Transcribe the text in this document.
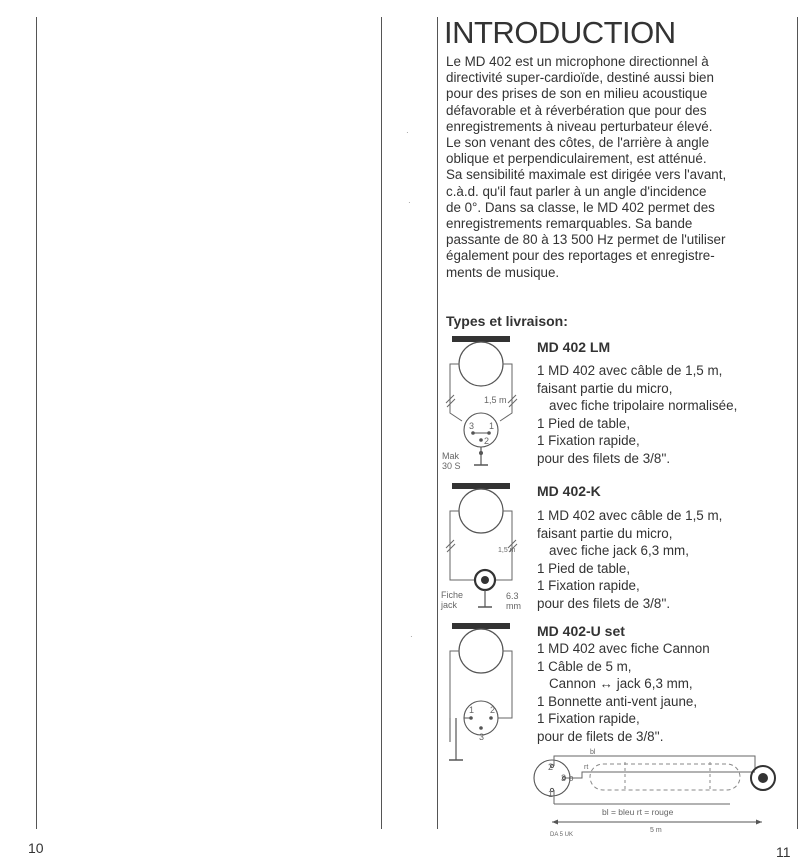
·
·
·
INTRODUCTION

Le MD 402 est un microphone directionnel à

directivité super-cardioïde, destiné aussi bien

pour des prises de son en milieu acoustique

défavorable et à réverbération que pour des

enregistrements à niveau perturbateur élevé.

Le son venant des côtes, de l'arrière à angle

oblique et perpendiculairement, est atténué.

Sa sensibilité maximale est dirigée vers l'avant,

c.à.d. qu'il faut parler à un angle d'incidence

de 0°. Dans sa classe, le MD 402 permet des

enregistrements remarquables. Sa bande

passante de 80 à 13 500 Hz permet de l'utiliser

également pour des reportages et enregistre-

ments de musique.

Types et livraison:
MD 402 LM
1 MD 402 avec câble de 1,5 m,
faisant partie du micro,
avec fiche tripolaire normalisée,
1 Pied de table,
1 Fixation rapide,
pour des filets de 3/8''.
MD 402-K
1 MD 402 avec câble de 1,5 m,
faisant partie du micro,
avec fiche jack 6,3 mm,
1 Pied de table,
1 Fixation rapide,
pour des filets de 3/8''.
MD 402-U set
1 MD 402 avec fiche Cannon
1 Câble de 5 m,
Cannon ↔ jack 6,3 mm,
1 Bonnette anti-vent jaune,
1 Fixation rapide,
pour de filets de 3/8''.
1,5 m
3 1
2
Mak
30 S
1,5 m
Fiche
jack
6.3
mm
1 2
3
2
3 o
1
bl
rt
bl = bleu rt = rouge
5 m
DA 5 UK
10	11
